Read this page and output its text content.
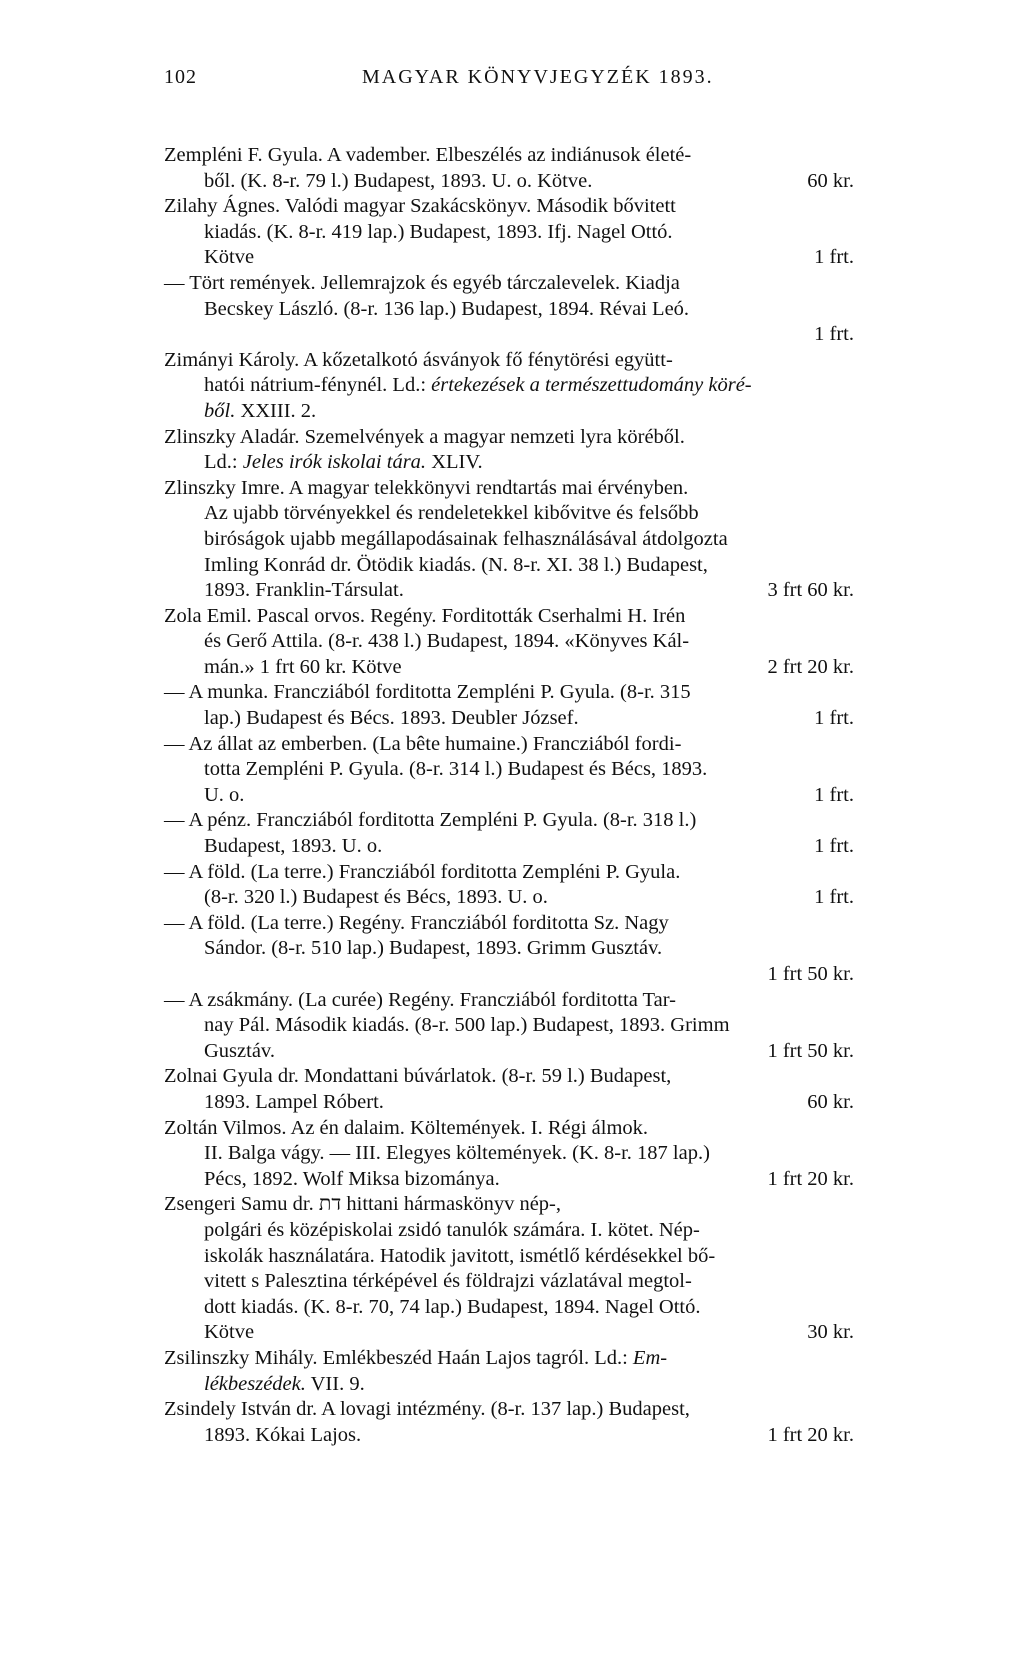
102	MAGYAR KÖNYVJEGYZÉK 1893.
Zempléni F. Gyula. A vadember. Elbeszélés az indiánusok életé-
ből. (K. 8-r. 79 l.) Budapest, 1893. U. o. Kötve.	60 kr.
Zilahy Ágnes. Valódi magyar Szakácskönyv. Második bővitett
kiadás. (K. 8-r. 419 lap.) Budapest, 1893. Ifj. Nagel Ottó.
Kötve	1 frt.
— Tört remények. Jellemrajzok és egyéb tárczalevelek. Kiadja
Becskey László. (8-r. 136 lap.) Budapest, 1894. Révai Leó.
1 frt.
Zimányi Károly. A kőzetalkotó ásványok fő fénytörési együtt-
hatói nátrium-fénynél. Ld.: értekezések a természettudomány köré-
ből. XXIII. 2.
Zlinszky Aladár. Szemelvények a magyar nemzeti lyra köréből.
Ld.: Jeles irók iskolai tára. XLIV.
Zlinszky Imre. A magyar telekkönyvi rendtartás mai érvényben.
Az ujabb törvényekkel és rendeletekkel kibővitve és felsőbb
biróságok ujabb megállapodásainak felhasználásával átdolgozta
Imling Konrád dr. Ötödik kiadás. (N. 8-r. XI. 38 l.) Budapest,
1893. Franklin-Társulat.	3 frt 60 kr.
Zola Emil. Pascal orvos. Regény. Forditották Cserhalmi H. Irén
és Gerő Attila. (8-r. 438 l.) Budapest, 1894. «Könyves Kál-
mán.» 1 frt 60 kr. Kötve	2 frt 20 kr.
— A munka. Francziából forditotta Zempléni P. Gyula. (8-r. 315
lap.) Budapest és Bécs. 1893. Deubler József.	1 frt.
— Az állat az emberben. (La bête humaine.) Francziából fordi-
totta Zempléni P. Gyula. (8-r. 314 l.) Budapest és Bécs, 1893.
U. o.	1 frt.
— A pénz. Francziából forditotta Zempléni P. Gyula. (8-r. 318 l.)
Budapest, 1893. U. o.	1 frt.
— A föld. (La terre.) Francziából forditotta Zempléni P. Gyula.
(8-r. 320 l.) Budapest és Bécs, 1893. U. o.	1 frt.
— A föld. (La terre.) Regény. Francziából forditotta Sz. Nagy
Sándor. (8-r. 510 lap.) Budapest, 1893. Grimm Gusztáv.
1 frt 50 kr.
— A zsákmány. (La curée) Regény. Francziából forditotta Tar-
nay Pál. Második kiadás. (8-r. 500 lap.) Budapest, 1893. Grimm
Gusztáv.	1 frt 50 kr.
Zolnai Gyula dr. Mondattani búvárlatok. (8-r. 59 l.) Budapest,
1893. Lampel Róbert.	60 kr.
Zoltán Vilmos. Az én dalaim. Költemények. I. Régi álmok.
II. Balga vágy. — III. Elegyes költemények. (K. 8-r. 187 lap.)
Pécs, 1892. Wolf Miksa bizománya.	1 frt 20 kr.
Zsengeri Samu dr. דת hittani hármaskönyv nép-,
polgári és középiskolai zsidó tanulók számára. I. kötet. Nép-
iskolák használatára. Hatodik javitott, ismétlő kérdésekkel bő-
vitett s Palesztina térképével és földrajzi vázlatával megtol-
dott kiadás. (K. 8-r. 70, 74 lap.) Budapest, 1894. Nagel Ottó.
Kötve	30 kr.
Zsilinszky Mihály. Emlékbeszéd Haán Lajos tagról. Ld.: Em-
lékbeszédek. VII. 9.
Zsindely István dr. A lovagi intézmény. (8-r. 137 lap.) Budapest,
1893. Kókai Lajos.	1 frt 20 kr.
